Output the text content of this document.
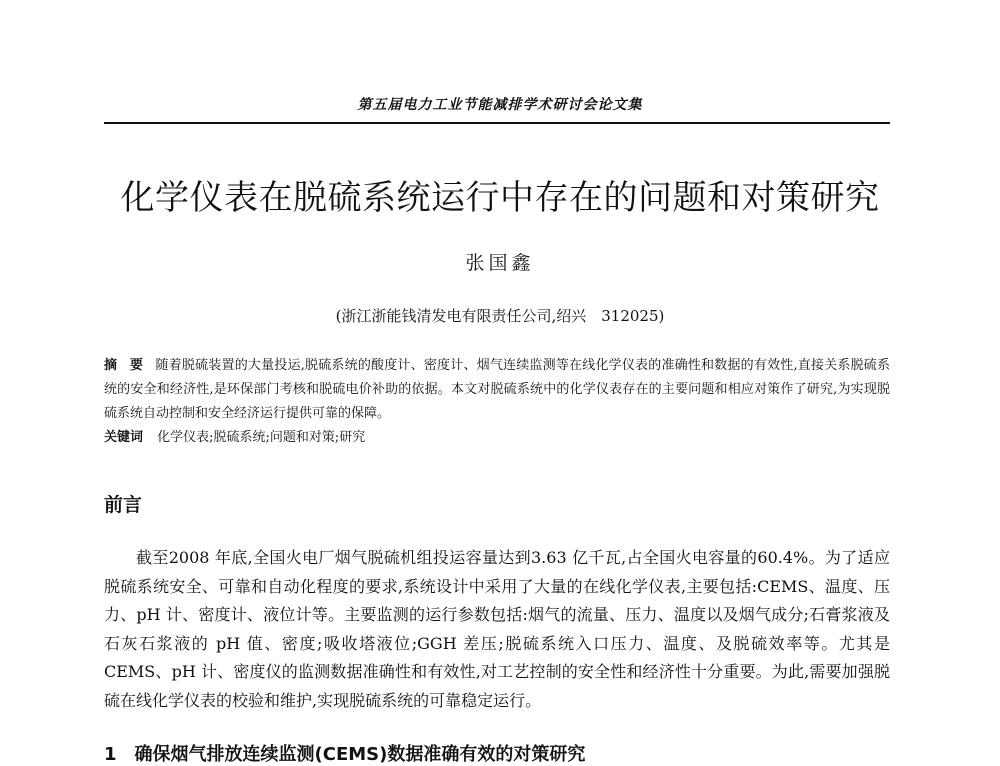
第五届电力工业节能减排学术研讨会论文集
化学仪表在脱硫系统运行中存在的问题和对策研究
张国鑫
(浙江浙能钱清发电有限责任公司,绍兴　312025)
摘 要 随着脱硫装置的大量投运,脱硫系统的酸度计、密度计、烟气连续监测等在线化学仪表的准确性和数据的有效性,直接关系脱硫系统的安全和经济性,是环保部门考核和脱硫电价补助的依据。本文对脱硫系统中的化学仪表存在的主要问题和相应对策作了研究,为实现脱硫系统自动控制和安全经济运行提供可靠的保障。
关键词 化学仪表;脱硫系统;问题和对策;研究
前言

截至2008 年底,全国火电厂烟气脱硫机组投运容量达到3.63 亿千瓦,占全国火电容量的60.4%。为了适应脱硫系统安全、可靠和自动化程度的要求,系统设计中采用了大量的在线化学仪表,主要包括:CEMS、温度、压力、pH 计、密度计、液位计等。主要监测的运行参数包括:烟气的流量、压力、温度以及烟气成分;石膏浆液及石灰石浆液的 pH 值、密度;吸收塔液位;GGH 差压;脱硫系统入口压力、温度、及脱硫效率等。尤其是CEMS、pH 计、密度仪的监测数据准确性和有效性,对工艺控制的安全性和经济性十分重要。为此,需要加强脱硫在线化学仪表的校验和维护,实现脱硫系统的可靠稳定运行。

1　确保烟气排放连续监测(CEMS)数据准确有效的对策研究
